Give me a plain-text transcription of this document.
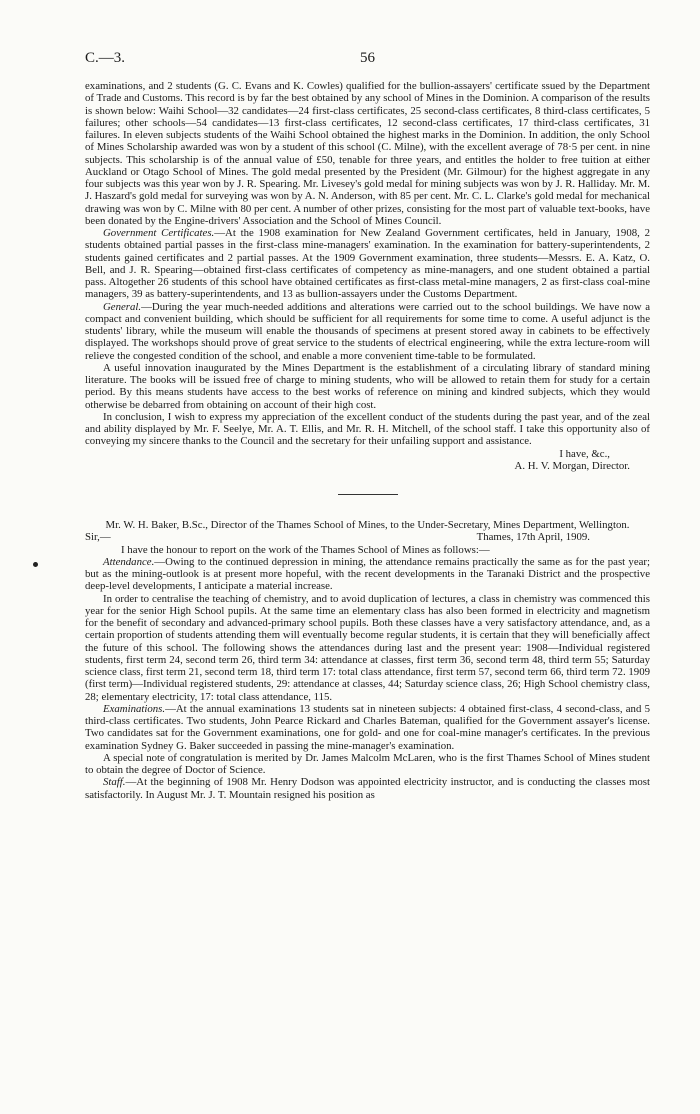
C.—3.	56

examinations, and 2 students (G. C. Evans and K. Cowles) qualified for the bullion-assayers' certificate ssued by the Department of Trade and Customs. This record is by far the best obtained by any school of Mines in the Dominion. A comparison of the results is shown below: Waihi School—32 candidates—24 first-class certificates, 25 second-class certificates, 8 third-class certificates, 5 failures; other schools—54 candidates—13 first-class certificates, 12 second-class certificates, 17 third-class certificates, 31 failures. In eleven subjects students of the Waihi School obtained the highest marks in the Dominion. In addition, the only School of Mines Scholarship awarded was won by a student of this school (C. Milne), with the excellent average of 78·5 per cent. in nine subjects. This scholarship is of the annual value of £50, tenable for three years, and entitles the holder to free tuition at either Auckland or Otago School of Mines. The gold medal presented by the President (Mr. Gilmour) for the highest aggregate in any four subjects was this year won by J. R. Spearing. Mr. Livesey's gold medal for mining subjects was won by J. R. Halliday. Mr. M. J. Haszard's gold medal for surveying was won by A. N. Anderson, with 85 per cent. Mr. C. L. Clarke's gold medal for mechanical drawing was won by C. Milne with 80 per cent. A number of other prizes, consisting for the most part of valuable text-books, have been donated by the Engine-drivers' Association and the School of Mines Council.

Government Certificates.—At the 1908 examination for New Zealand Government certificates, held in January, 1908, 2 students obtained partial passes in the first-class mine-managers' examination. In the examination for battery-superintendents, 2 students gained certificates and 2 partial passes. At the 1909 Government examination, three students—Messrs. E. A. Katz, O. Bell, and J. R. Spearing—obtained first-class certificates of competency as mine-managers, and one student obtained a partial pass. Altogether 26 students of this school have obtained certificates as first-class metal-mine managers, 2 as first-class coal-mine managers, 39 as battery-superintendents, and 13 as bullion-assayers under the Customs Department.

General.—During the year much-needed additions and alterations were carried out to the school buildings. We have now a compact and convenient building, which should be sufficient for all requirements for some time to come. A useful adjunct is the students' library, while the museum will enable the thousands of specimens at present stored away in cabinets to be effectively displayed. The workshops should prove of great service to the students of electrical engineering, while the extra lecture-room will relieve the congested condition of the school, and enable a more convenient time-table to be formulated.

A useful innovation inaugurated by the Mines Department is the establishment of a circulating library of standard mining literature. The books will be issued free of charge to mining students, who will be allowed to retain them for study for a certain period. By this means students have access to the best works of reference on mining and kindred subjects, which they would otherwise be debarred from obtaining on account of their high cost.

In conclusion, I wish to express my appreciation of the excellent conduct of the students during the past year, and of the zeal and ability displayed by Mr. F. Seelye, Mr. A. T. Ellis, and Mr. R. H. Mitchell, of the school staff. I take this opportunity also of conveying my sincere thanks to the Council and the secretary for their unfailing support and assistance.

I have, &c.,

A. H. V. Morgan, Director.

Mr. W. H. Baker, B.Sc., Director of the Thames School of Mines, to the Under-Secretary, Mines Department, Wellington.

Sir,—	Thames, 17th April, 1909.

I have the honour to report on the work of the Thames School of Mines as follows:—

Attendance.—Owing to the continued depression in mining, the attendance remains practically the same as for the past year; but as the mining-outlook is at present more hopeful, with the recent developments in the Taranaki District and the prospective deep-level developments, I anticipate a material increase.

In order to centralise the teaching of chemistry, and to avoid duplication of lectures, a class in chemistry was commenced this year for the senior High School pupils. At the same time an elementary class has also been formed in electricity and magnetism for the benefit of secondary and advanced-primary school pupils. Both these classes have a very satisfactory attendance, and, as a certain proportion of students attending them will eventually become regular students, it is certain that they will beneficially affect the future of this school. The following shows the attendances during last and the present year: 1908—Individual registered students, first term 24, second term 26, third term 34: attendance at classes, first term 36, second term 48, third term 55; Saturday science class, first term 21, second term 18, third term 17: total class attendance, first term 57, second term 66, third term 72. 1909 (first term)—Individual registered students, 29: attendance at classes, 44; Saturday science class, 26; High School chemistry class, 28; elementary electricity, 17: total class attendance, 115.

Examinations.—At the annual examinations 13 students sat in nineteen subjects: 4 obtained first-class, 4 second-class, and 5 third-class certificates. Two students, John Pearce Rickard and Charles Bateman, qualified for the Government assayer's license. Two candidates sat for the Government examinations, one for gold- and one for coal-mine manager's certificates. In the previous examination Sydney G. Baker succeeded in passing the mine-manager's examination.

A special note of congratulation is merited by Dr. James Malcolm McLaren, who is the first Thames School of Mines student to obtain the degree of Doctor of Science.

Staff.—At the beginning of 1908 Mr. Henry Dodson was appointed electricity instructor, and is conducting the classes most satisfactorily. In August Mr. J. T. Mountain resigned his position as
